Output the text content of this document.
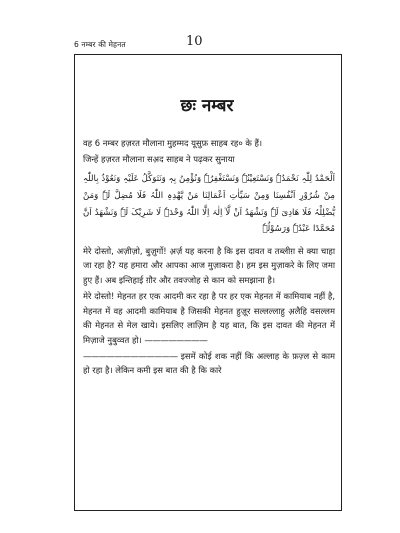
6 नम्बर की मेहनत	10
छः नम्बर

वह 6 नम्बर हज़रत मौलाना मुहम्मद यूसुफ़ साहब रह० के हैं।

जिन्हें हज़रत मौलाना सअ़द साहब ने पढ़कर सुनाया

اَلْحَمْدُ لِلّٰہِ نَحْمَدُہٗ وَنَسْتَعِیْنُہٗ وَنَسْتَغْفِرُہٗ وَنُؤْمِنُ بِہٖ وَنَتَوَکَّلُ عَلَیْہِ وَنَعُوْذُ بِاللّٰہِ مِنْ شُرُوْرِ اَنْفُسِنَا وَمِنْ سَیِّاٰتِ اَعْمَالِنَا مَنْ یَّھْدِہِ اللّٰہُ فَلَا مُضِلَّ لَہٗ وَمَنْ یُّضْلِلْہُ فَلَا ھَادِیَ لَہٗ وَنَشْھَدُ اَنْ لَّآ اِلٰہَ اِلَّا اللّٰہُ وَحْدَہٗ لَا شَرِیْکَ لَہٗ وَنَشْھَدُ اَنَّ مُحَمَّدًا عَبْدُہٗ وَرَسُوْلُہٗ

मेरे दोस्तो, अज़ीज़ो, बुज़ुर्गो! अ़र्ज़ यह करना है कि इस दावत व तब्लीग़ से क्या चाहा जा रहा है? यह हमारा और आपका आज मुज़ाकरा है। हम इस मुज़ाकरे के लिए जमा हुए हैं। अब इन्तिहाई ग़ौर और तवज्जोह से कान को समझाना है।

मेरे दोस्तो! मेहनत हर एक आदमी कर रहा है पर हर एक मेहनत में कामियाब नहीं है, मेहनत में वह आदमी कामियाब है जिसकी मेहनत हुज़ूर सल्लल्लाहु अ़लैहि वसल्लम की मेहनत से मेल खाये। इसलिए लाज़िम है यह बात, कि इस दावत की मेहनत में मिज़ाजे नुबुव्वत हो। ————————

———————————— इसमें कोई शक नहीं कि अल्लाह के फ़ज़्ल से काम हो रहा है। लेकिन कमी इस बात की है कि कारे
